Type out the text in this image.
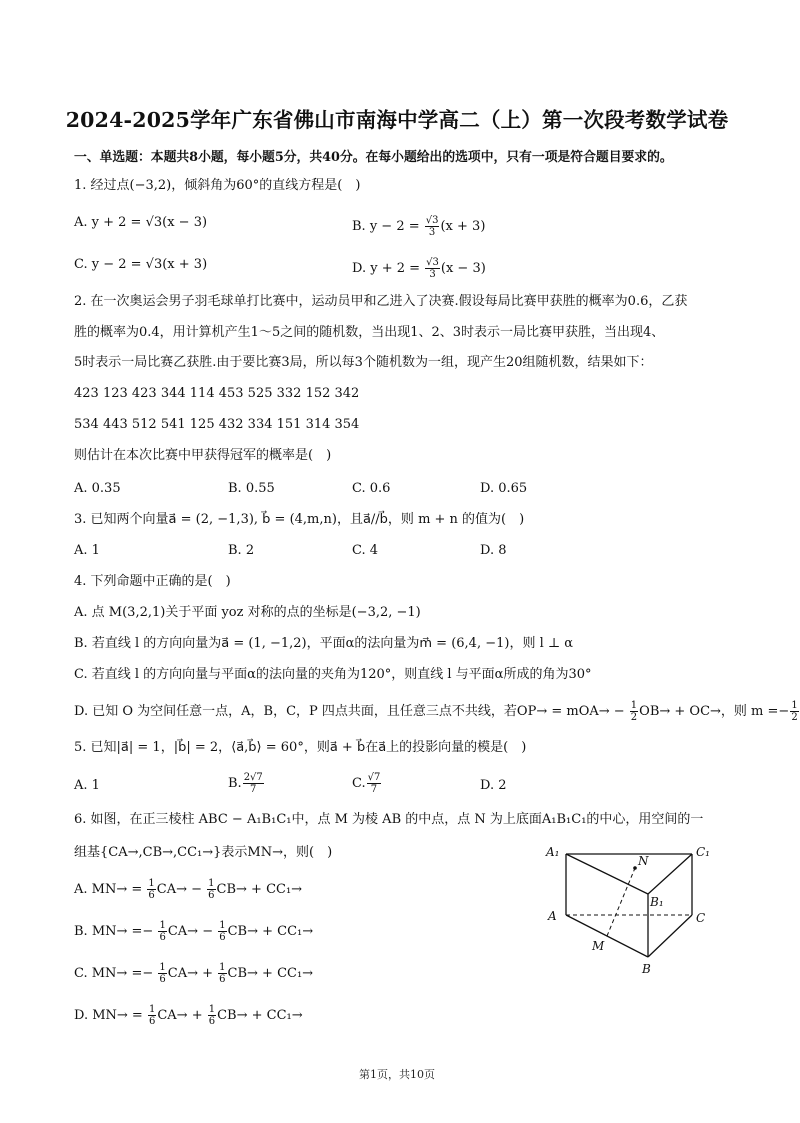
2024-2025学年广东省佛山市南海中学高二（上）第一次段考数学试卷
一、单选题：本题共8小题，每小题5分，共40分。在每小题给出的选项中，只有一项是符合题目要求的。
1. 经过点(−3,2)，倾斜角为60°的直线方程是(　)
A. y + 2 = √3(x − 3)	B. $y - 2 = \frac{√3}{3} (x + 3)$
C. y − 2 = √3(x + 3)	D. $y + 2 = \frac{√3}{3} (x - 3)$
2. 在一次奥运会男子羽毛球单打比赛中，运动员甲和乙进入了决赛.假设每局比赛甲获胜的概率为0.6，乙获
胜的概率为0.4，用计算机产生1～5之间的随机数，当出现1、2、3时表示一局比赛甲获胜，当出现4、
5时表示一局比赛乙获胜.由于要比赛3局，所以每3个随机数为一组，现产生20组随机数，结果如下：
423 123 423 344 114 453 525 332 152 342
534 443 512 541 125 432 334 151 314 354
则估计在本次比赛中甲获得冠军的概率是(　)
A. 0.35	B. 0.55	C. 0.6	D. 0.65
3. 已知两个向量a⃗ = (2, −1,3), b⃗ = (4,m,n)，且a⃗//b⃗，则 m + n 的值为(　)
A. 1	B. 2	C. 4	D. 8
4. 下列命题中正确的是(　)
A. 点 M(3,2,1)关于平面 yoz 对称的点的坐标是(−3,2, −1)
B. 若直线 l 的方向向量为a⃗ = (1, −1,2)，平面α的法向量为m⃗ = (6,4, −1)，则 l ⊥ α
C. 若直线 l 的方向向量与平面α的法向量的夹角为120°，则直线 l 与平面α所成的角为30°
D. 已知 O 为空间任意一点，A，B，C，P 四点共面，且任意三点不共线，若$OP\to = mOA\to - \frac{1}{2} OB\to + OC\to$，则 $m =- \frac{1}{2}$
5. 已知|a⃗| = 1，|b⃗| = 2，⟨a⃗,b⃗⟩ = 60°，则a⃗ + b⃗在a⃗上的投影向量的模是(　)
A. 1	B. $\frac{2√7}{7}$	C. $\frac{√7}{7}$	D. 2
6. 如图，在正三棱柱 ABC − A₁B₁C₁中，点 M 为棱 AB 的中点，点 N 为上底面A₁B₁C₁的中心，用空间的一
组基{CA→,CB→,CC₁→}表示MN→，则(　)
A. $MN\to = \frac{1}{6} CA\to - \frac{1}{6} CB\to + CC_1\to$
B. $MN\to =- \frac{1}{6} CA\to - \frac{1}{6} CB\to + CC_1\to$
C. $MN\to =- \frac{1}{6} CA\to + \frac{1}{6} CB\to + CC_1\to$
D. $MN\to = \frac{1}{6} CA\to + \frac{1}{6} CB\to + CC_1\to$
A₁	C₁
N
B₁
A	C
M
B
第1页，共10页
